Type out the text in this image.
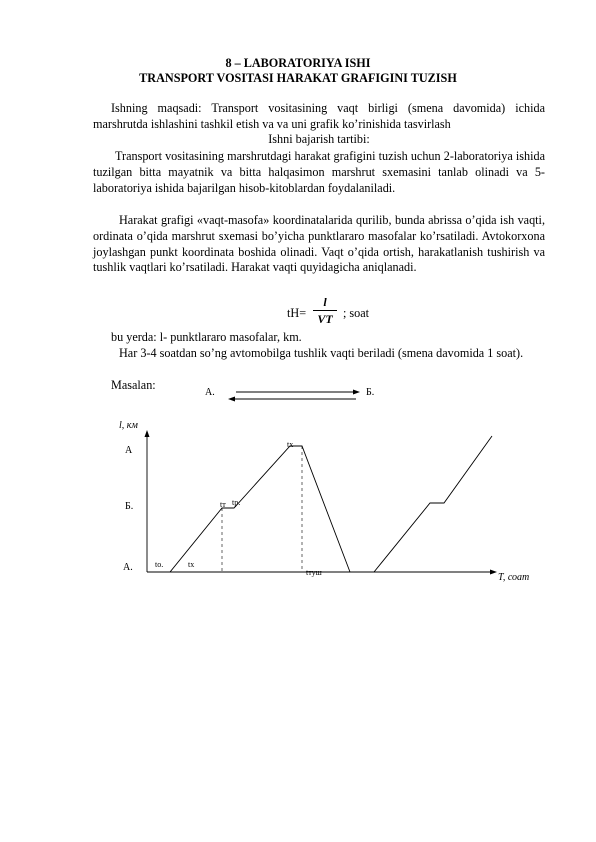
8 – LABORATORIYA ISHI
TRANSPORT VOSITASI HARAKAT GRAFIGINI TUZISH

Ishning maqsadi: Transport vositasining vaqt birligi (smena davomida) ichida marshrutda ishlashini tashkil etish va va uni grafik ko’rinishida tasvirlash

Ishni bajarish tartibi:

Transport vositasining marshrutdagi harakat grafigini tuzish uchun 2-laboratoriya ishida tuzilgan bitta mayatnik va bitta halqasimon marshrut sxemasini tanlab olinadi va 5-laboratoriya ishida bajarilgan hisob-kitoblardan foydalaniladi.

Harakat grafigi «vaqt-masofa» koordinatalarida qurilib, bunda abrissa o’qida ish vaqti, ordinata o’qida marshrut sxemasi bo’yicha punktlararo masofalar ko’rsatiladi. Avtokorxona joylashgan punkt koordinata boshida olinadi. Vaqt o’qida ortish, harakatlanish tushirish va tushlik vaqtlari ko’rsatiladi. Harakat vaqti quyidagicha aniqlanadi.

tH=
l
VT ; soat
bu yerda: l- punktlararo masofalar, km.

Har 3-4 soatdan so’ng avtomobilga tushlik vaqti beriladi (smena davomida 1 soat).

Masalan:
A.	Б.
l, км
T, соат
A
Б.
A.	tо.	tх
tт tр.
tх
tтуш
